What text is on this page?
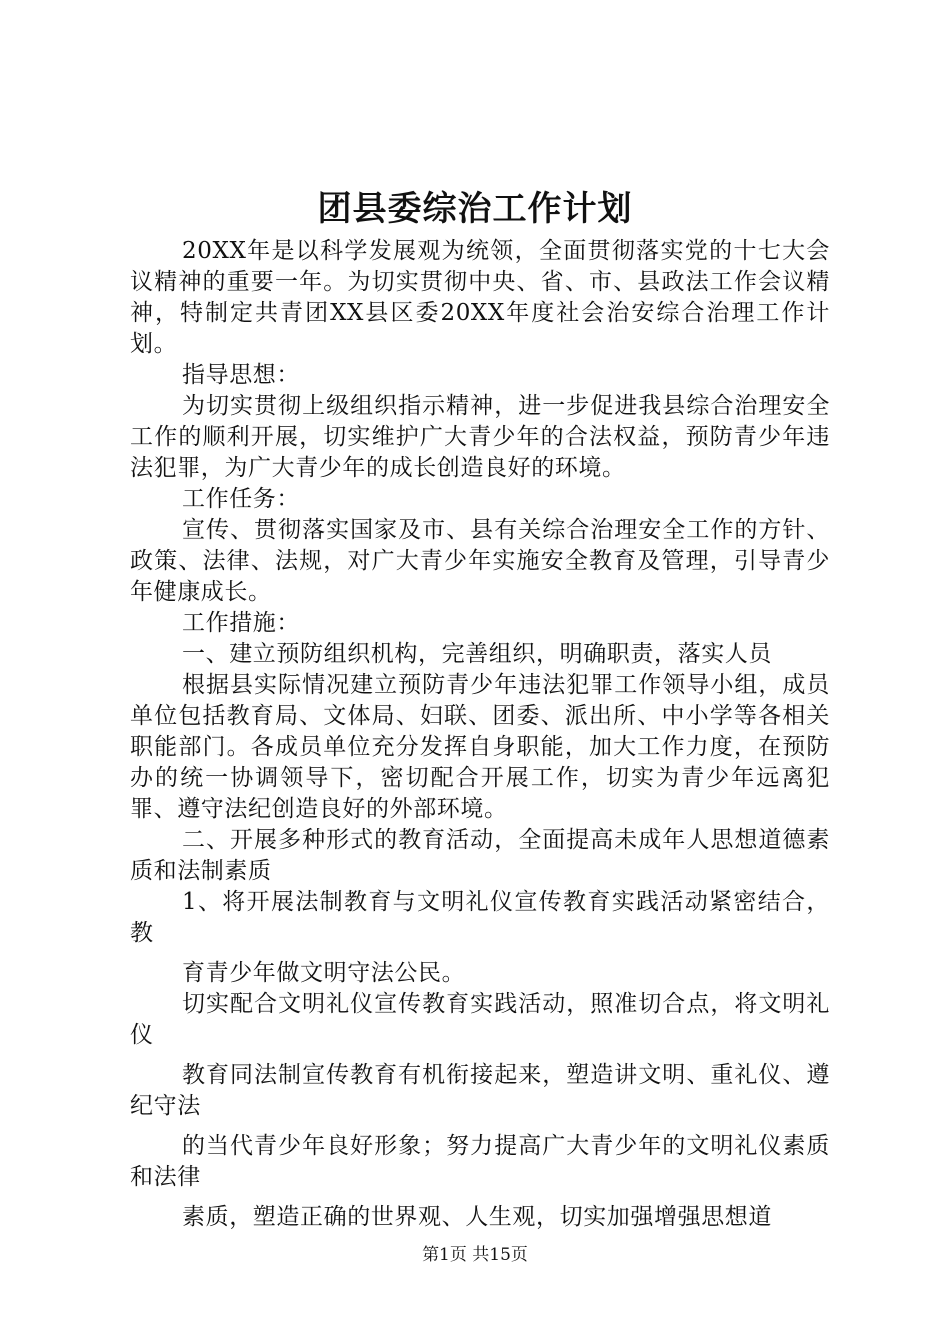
团县委综治工作计划

20XX年是以科学发展观为统领，全面贯彻落实党的十七大会议精神的重要一年。为切实贯彻中央、省、市、县政法工作会议精神，特制定共青团XX县区委20XX年度社会治安综合治理工作计划。

指导思想：

为切实贯彻上级组织指示精神，进一步促进我县综合治理安全工作的顺利开展，切实维护广大青少年的合法权益，预防青少年违法犯罪，为广大青少年的成长创造良好的环境。

工作任务：

宣传、贯彻落实国家及市、县有关综合治理安全工作的方针、政策、法律、法规，对广大青少年实施安全教育及管理，引导青少年健康成长。

工作措施：

一、建立预防组织机构，完善组织，明确职责，落实人员

根据县实际情况建立预防青少年违法犯罪工作领导小组，成员单位包括教育局、文体局、妇联、团委、派出所、中小学等各相关职能部门。各成员单位充分发挥自身职能，加大工作力度，在预防办的统一协调领导下，密切配合开展工作，切实为青少年远离犯罪、遵守法纪创造良好的外部环境。

二、开展多种形式的教育活动，全面提高未成年人思想道德素质和法制素质

1、将开展法制教育与文明礼仪宣传教育实践活动紧密结合，教

育青少年做文明守法公民。

切实配合文明礼仪宣传教育实践活动，照准切合点，将文明礼仪

教育同法制宣传教育有机衔接起来，塑造讲文明、重礼仪、遵纪守法

的当代青少年良好形象；努力提高广大青少年的文明礼仪素质和法律

素质，塑造正确的世界观、人生观，切实加强增强思想道

第1页 共15页
